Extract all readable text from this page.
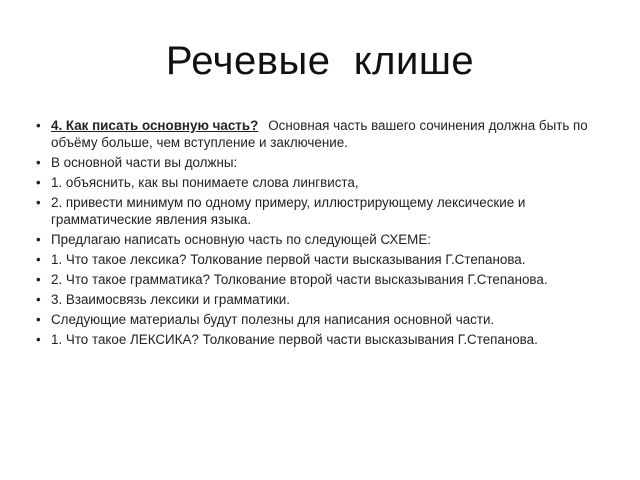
Речевые  клише
• 4. Как писать основную часть? Основная часть вашего сочинения должна быть по объёму больше, чем вступление и заключение.
• В основной части вы должны:
• 1. объяснить, как вы понимаете слова лингвиста,
• 2. привести минимум по одному примеру, иллюстрирующему лексические и грамматические явления языка.
• Предлагаю написать основную часть по следующей СХЕМЕ:
• 1. Что такое лексика? Толкование первой части высказывания Г.Степанова.
• 2. Что такое грамматика? Толкование второй части высказывания Г.Степанова.
• 3. Взаимосвязь лексики и грамматики.
• Следующие материалы будут полезны для написания основной части.
• 1. Что такое ЛЕКСИКА? Толкование первой части высказывания Г.Степанова.
